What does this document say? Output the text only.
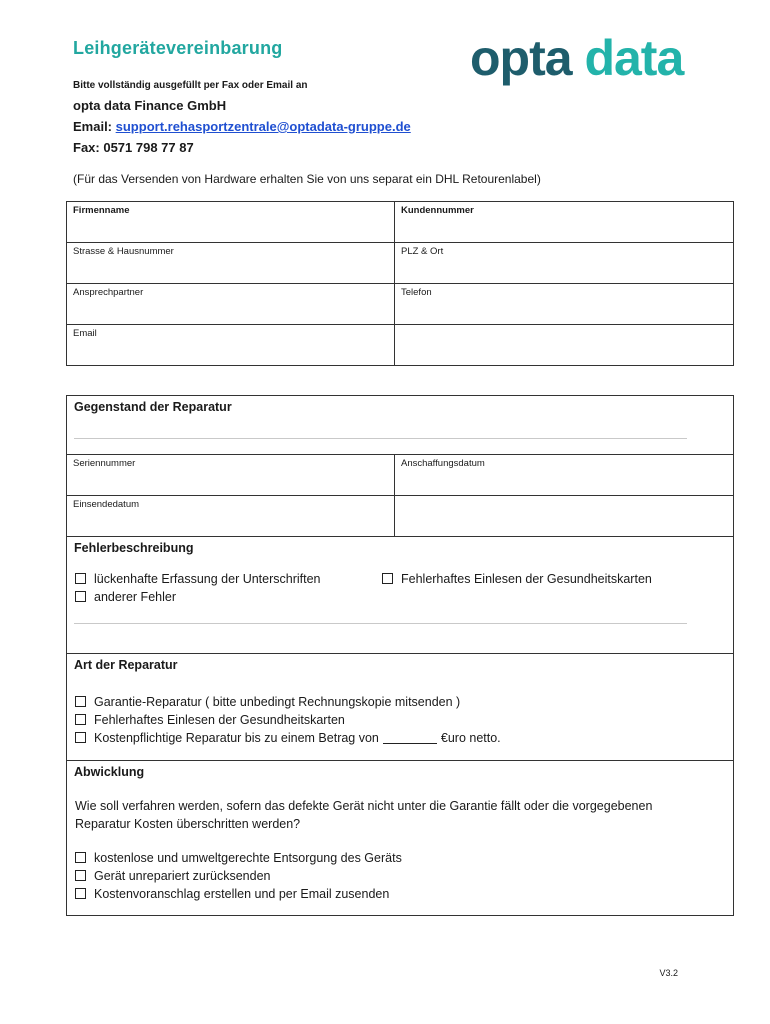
Leihgerätevereinbarung	opta data
Bitte vollständig ausgefüllt per Fax oder Email an
opta data Finance GmbH
Email: support.rehasportzentrale@optadata-gruppe.de
Fax: 0571 798 77 87
(Für das Versenden von Hardware erhalten Sie von uns separat ein DHL Retourenlabel)
Firmenname	Kundennummer
Strasse & Hausnummer	PLZ & Ort
Ansprechpartner	Telefon
Email	
Gegenstand der Reparatur
Seriennummer	Anschaffungsdatum
Einsendedatum	
Fehlerbeschreibung
lückenhafte Erfassung der Unterschriften	Fehlerhaftes Einlesen der Gesundheitskarten
anderer Fehler
Art der Reparatur
Garantie-Reparatur ( bitte unbedingt Rechnungskopie mitsenden )
Fehlerhaftes Einlesen der Gesundheitskarten
Kostenpflichtige Reparatur bis zu einem Betrag von	€uro netto.
Abwicklung
Wie soll verfahren werden, sofern das defekte Gerät nicht unter die Garantie fällt oder die vorgegebenen Reparatur Kosten überschritten werden?
kostenlose und umweltgerechte Entsorgung des Geräts
Gerät unrepariert zurücksenden
Kostenvoranschlag erstellen und per Email zusenden
V3.2
